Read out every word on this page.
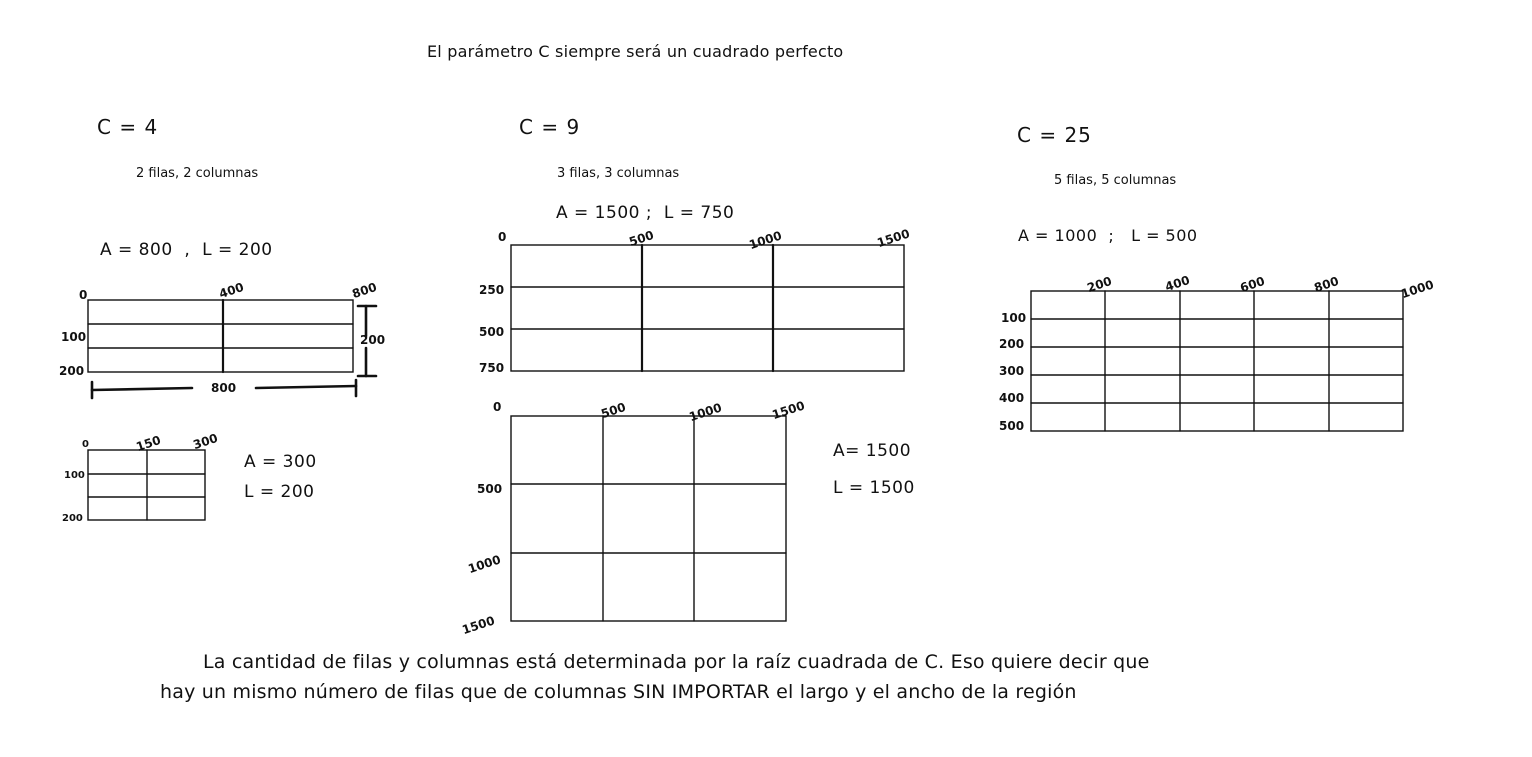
El parámetro C siempre será un cuadrado perfecto
C = 4
2 filas, 2 columnas
A = 800  ,  L = 200
0	400	800
100
200
200
800
0	150 300
100
200
A = 300
L = 200
C = 9
3 filas, 3 columnas
A = 1500 ;  L = 750
0	500	1000	1500
250
500
750
0	500	1000	1500
500
1000
1500
A= 1500
L = 1500
C = 25
5 filas, 5 columnas
A = 1000  ;   L = 500
200	400	600	800	1000
100
200
300
400
500
La cantidad de filas y columnas está determinada por la raíz cuadrada de C. Eso quiere decir que
hay un mismo número de filas que de columnas SIN IMPORTAR el largo y el ancho de la región
